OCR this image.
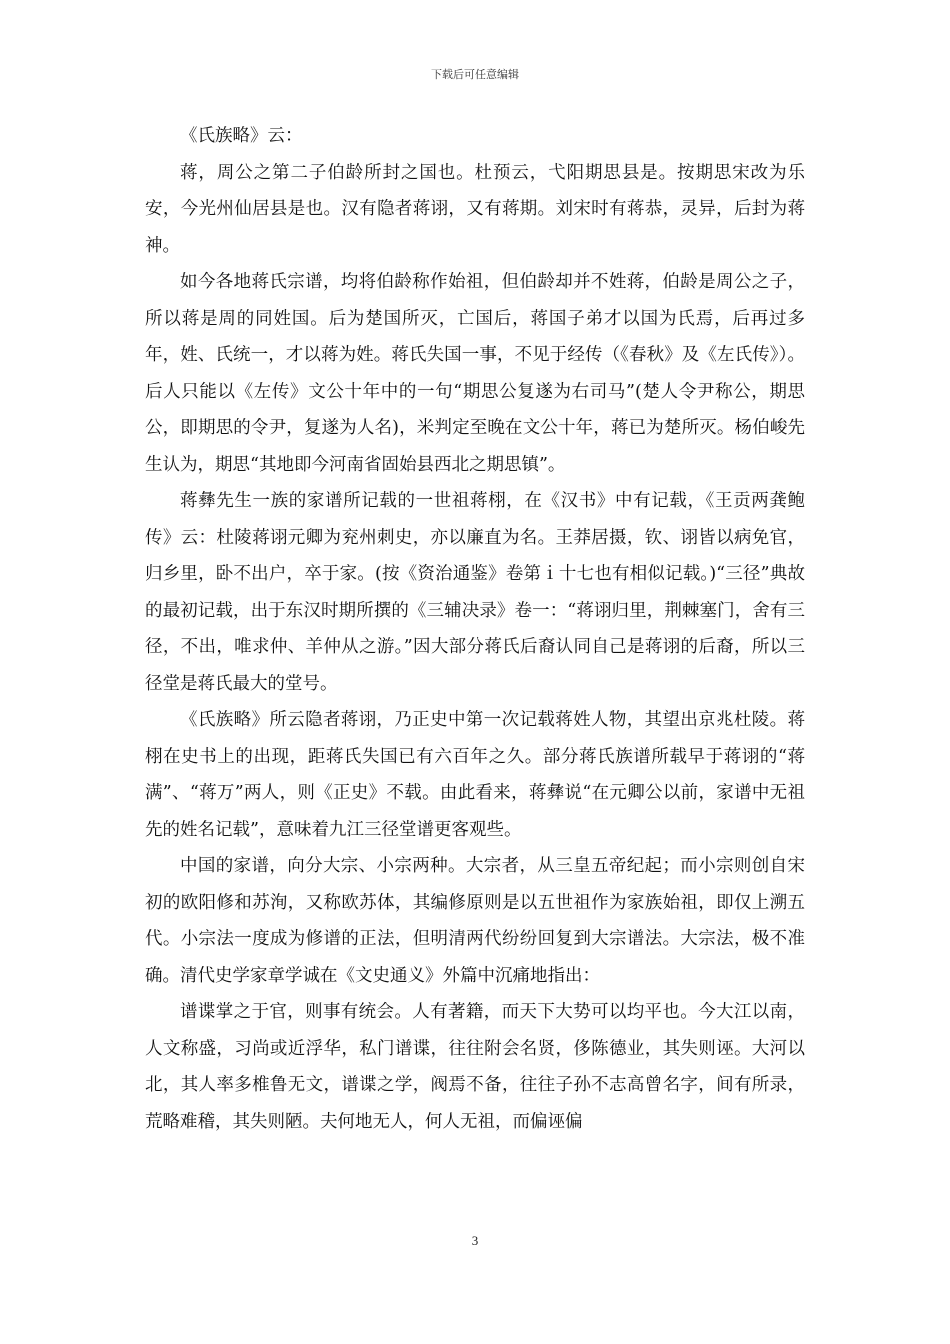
下载后可任意编辑

《氏族略》云：

蒋，周公之第二子伯龄所封之国也。杜预云，弋阳期思县是。按期思宋改为乐安，今光州仙居县是也。汉有隐者蒋诩，又有蒋期。刘宋时有蒋恭，灵异，后封为蒋神。

如今各地蒋氏宗谱，均将伯龄称作始祖，但伯龄却并不姓蒋，伯龄是周公之子，所以蒋是周的同姓国。后为楚国所灭，亡国后，蒋国子弟才以国为氏焉，后再过多年，姓、氏统一，才以蒋为姓。蒋氏失国一事，不见于经传（《春秋》及《左氏传》）。后人只能以《左传》文公十年中的一句“期思公复遂为右司马”(楚人令尹称公，期思公，即期思的令尹，复遂为人名)，米判定至晚在文公十年，蒋已为楚所灭。杨伯峻先生认为，期思“其地即今河南省固始县西北之期思镇”。

蒋彝先生一族的家谱所记载的一世祖蒋栩，在《汉书》中有记载，《王贡两龚鲍传》云：杜陵蒋诩元卿为兖州刺史，亦以廉直为名。王莽居摄，钦、诩皆以病免官，归乡里，卧不出户，卒于家。(按《资治通鉴》卷第ｉ十七也有相似记载。)“三径”典故的最初记载，出于东汉时期所撰的《三辅决录》卷一：“蒋诩归里，荆棘塞门，舍有三径，不出，唯求仲、羊仲从之游。”因大部分蒋氏后裔认同自己是蒋诩的后裔，所以三径堂是蒋氏最大的堂号。

《氏族略》所云隐者蒋诩，乃正史中第一次记载蒋姓人物，其望出京兆杜陵。蒋栩在史书上的出现，距蒋氏失国已有六百年之久。部分蒋氏族谱所载早于蒋诩的“蒋满”、“蒋万”两人，则《正史》不载。由此看来，蒋彝说“在元卿公以前，家谱中无祖先的姓名记载”，意味着九江三径堂谱更客观些。

中国的家谱，向分大宗、小宗两种。大宗者，从三皇五帝纪起；而小宗则创自宋初的欧阳修和苏洵，又称欧苏体，其编修原则是以五世祖作为家族始祖，即仅上溯五代。小宗法一度成为修谱的正法，但明清两代纷纷回复到大宗谱法。大宗法，极不准确。清代史学家章学诚在《文史通义》外篇中沉痛地指出：

谱谍掌之于官，则事有统会。人有著籍，而天下大势可以均平也。今大江以南，人文称盛，习尚或近浮华，私门谱谍，往往附会名贤，侈陈德业，其失则诬。大河以北，其人率多椎鲁无文，谱谍之学，阀焉不备，往往子孙不志高曾名字，间有所录，荒略难稽，其失则陋。夫何地无人，何人无祖，而偏诬偏

3
